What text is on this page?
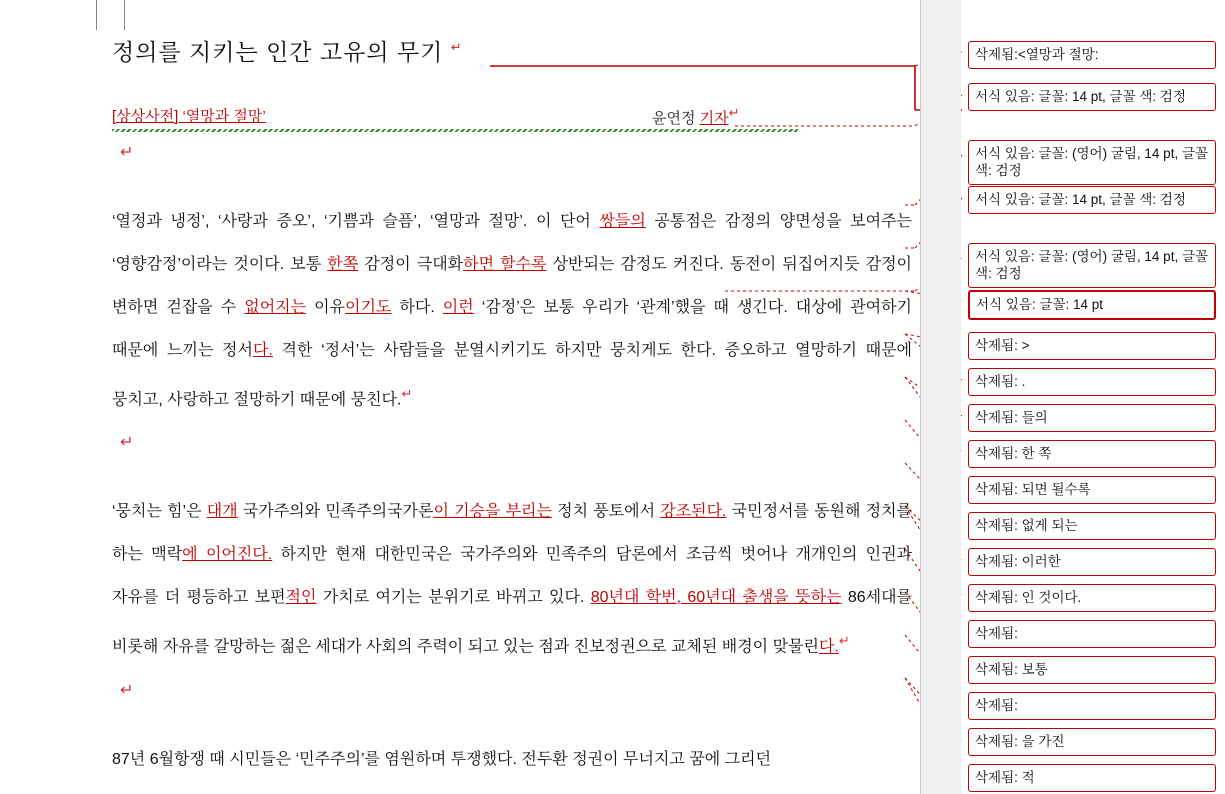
정의를 지키는 인간 고유의 무기 ↵
[상상사전] ‘열망과 절망’	윤연정 기자↵
↵
‘열정과 냉정’, ‘사랑과 증오’, ‘기쁨과 슬픔’, ‘열망과 절망’. 이 단어 쌍들의 공통점은 감정의 양면성을 보여주는 ‘영향감정’이라는 것이다. 보통 한쪽 감정이 극대화하면 할수록 상반되는 감정도 커진다. 동전이 뒤집어지듯 감정이 변하면 걷잡을 수 없어지는 이유이기도 하다. 이런 ‘감정’은 보통 우리가 ‘관계’했을 때 생긴다. 대상에 관여하기 때문에 느끼는 정서다. 격한 ‘정서’는 사람들을 분열시키기도 하지만 뭉치게도 한다. 증오하고 열망하기 때문에 뭉치고, 사랑하고 절망하기 때문에 뭉친다.↵
↵
‘뭉치는 힘’은 대개 국가주의와 민족주의국가론이 기승을 부리는 정치 풍토에서 강조된다. 국민정서를 동원해 정치를 하는 맥락에 이어진다. 하지만 현재 대한민국은 국가주의와 민족주의 담론에서 조금씩 벗어나 개개인의 인권과 자유를 더 평등하고 보편적인 가치로 여기는 분위기로 바뀌고 있다. 80년대 학번, 60년대 출생을 뜻하는 86세대를 비롯해 자유를 갈망하는 젊은 세대가 사회의 주력이 되고 있는 점과 진보정권으로 교체된 배경이 맞물린다.↵
↵
87년 6월항쟁 때 시민들은 ‘민주주의’를 염원하며 투쟁했다. 전두환 정권이 무너지고 꿈에 그리던
삭제됨:<열망과 절망:
서식 있음: 글꼴: 14 pt, 글꼴 색: 검정
서식 있음: 글꼴: (영어) 굴림, 14 pt, 글꼴 색: 검정
서식 있음: 글꼴: 14 pt, 글꼴 색: 검정
서식 있음: 글꼴: (영어) 굴림, 14 pt, 글꼴 색: 검정
서식 있음: 글꼴: 14 pt
삭제됨: >
삭제됨: .
삭제됨: 들의
삭제됨: 한 쪽
삭제됨: 되면 될수록
삭제됨: 없게 되는
삭제됨: 이러한
삭제됨: 인 것이다.
삭제됨:
삭제됨: 보통
삭제됨:
삭제됨: 을 가진
삭제됨: 적
